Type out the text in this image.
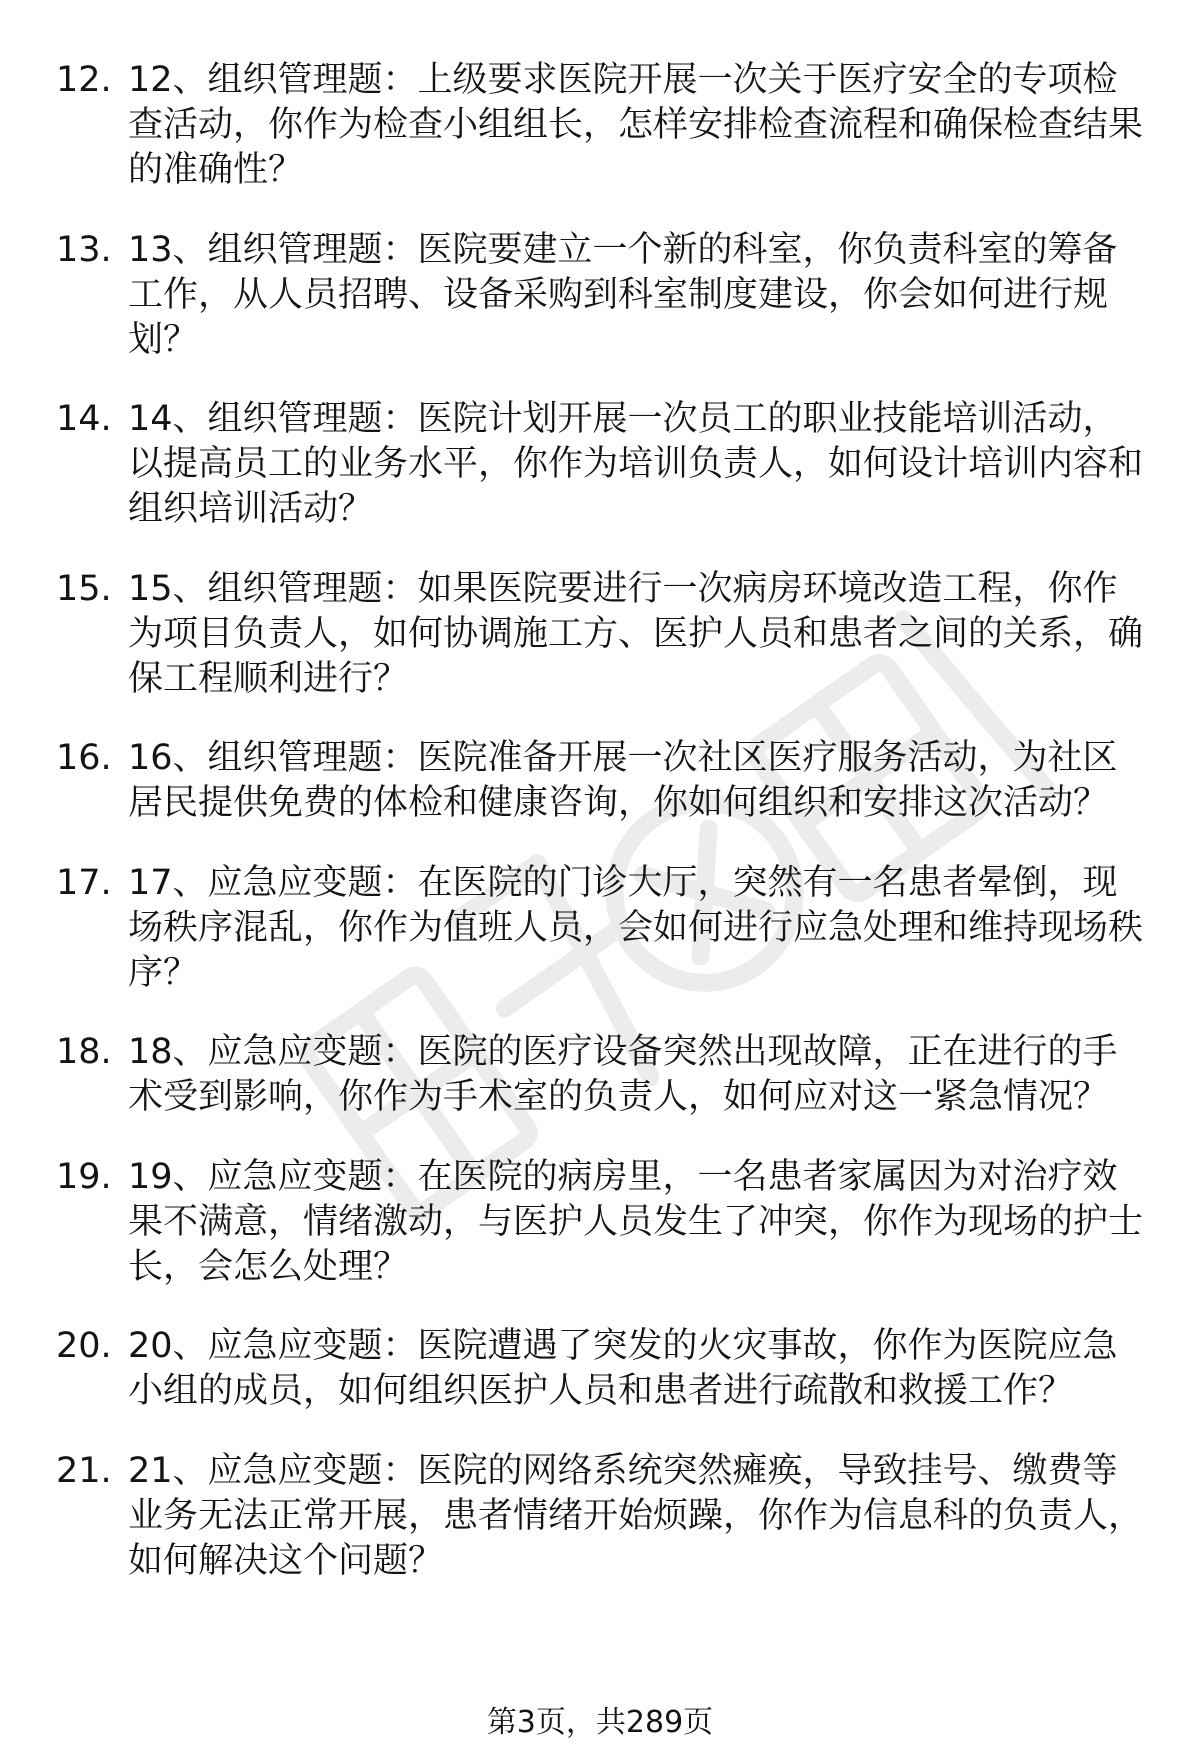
12. 12、组织管理题：上级要求医院开展一次关于医疗安全的专项检查活动，你作为检查小组组长，怎样安排检查流程和确保检查结果的准确性？

13. 13、组织管理题：医院要建立一个新的科室，你负责科室的筹备工作，从人员招聘、设备采购到科室制度建设，你会如何进行规划？

14. 14、组织管理题：医院计划开展一次员工的职业技能培训活动，以提高员工的业务水平，你作为培训负责人，如何设计培训内容和组织培训活动？

15. 15、组织管理题：如果医院要进行一次病房环境改造工程，你作为项目负责人，如何协调施工方、医护人员和患者之间的关系，确保工程顺利进行？

16. 16、组织管理题：医院准备开展一次社区医疗服务活动，为社区居民提供免费的体检和健康咨询，你如何组织和安排这次活动？

17. 17、应急应变题：在医院的门诊大厅，突然有一名患者晕倒，现场秩序混乱，你作为值班人员，会如何进行应急处理和维持现场秩序？

18. 18、应急应变题：医院的医疗设备突然出现故障，正在进行的手术受到影响，你作为手术室的负责人，如何应对这一紧急情况？

19. 19、应急应变题：在医院的病房里，一名患者家属因为对治疗效果不满意，情绪激动，与医护人员发生了冲突，你作为现场的护士长，会怎么处理？

20. 20、应急应变题：医院遭遇了突发的火灾事故，你作为医院应急小组的成员，如何组织医护人员和患者进行疏散和救援工作？

21. 21、应急应变题：医院的网络系统突然瘫痪，导致挂号、缴费等业务无法正常开展，患者情绪开始烦躁，你作为信息科的负责人，如何解决这个问题？

第3页，共289页
